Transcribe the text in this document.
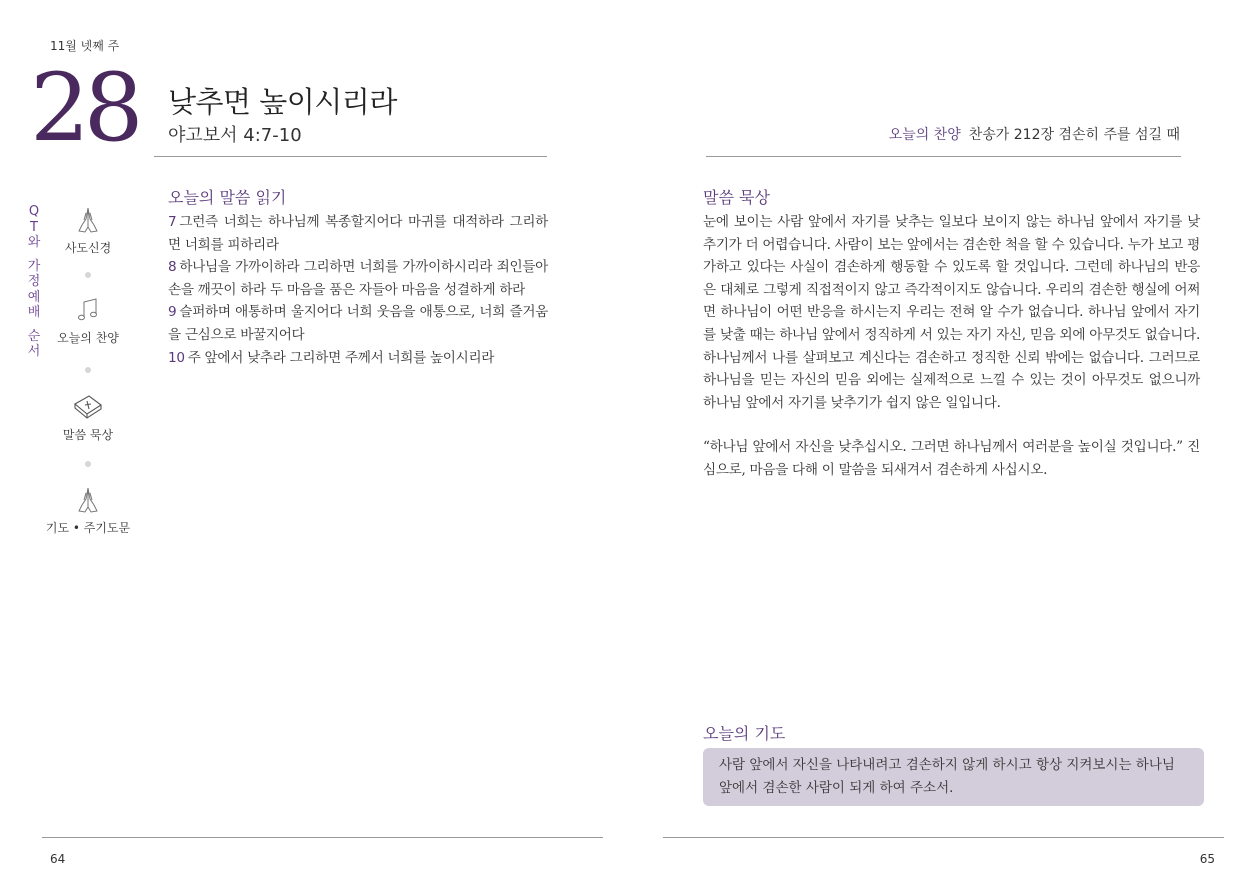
11월 넷째 주
28 낮추면 높이시리라
야고보서 4:7-10	오늘의 찬양 찬송가 212장 겸손히 주를 섬길 때
Q
T
와
가
정
예
배
순
서
사도신경
오늘의 찬양
말씀 묵상
기도 • 주기도문
오늘의 말씀 읽기
7 그런즉 너희는 하나님께 복종할지어다 마귀를 대적하라 그리하면 너희를 피하리라
8 하나님을 가까이하라 그리하면 너희를 가까이하시리라 죄인들아 손을 깨끗이 하라 두 마음을 품은 자들아 마음을 성결하게 하라
9 슬퍼하며 애통하며 울지어다 너희 웃음을 애통으로, 너희 즐거움을 근심으로 바꿀지어다
10 주 앞에서 낮추라 그리하면 주께서 너희를 높이시리라
말씀 묵상

눈에 보이는 사람 앞에서 자기를 낮추는 일보다 보이지 않는 하나님 앞에서 자기를 낮추기가 더 어렵습니다. 사람이 보는 앞에서는 겸손한 척을 할 수 있습니다. 누가 보고 평가하고 있다는 사실이 겸손하게 행동할 수 있도록 할 것입니다. 그런데 하나님의 반응은 대체로 그렇게 직접적이지 않고 즉각적이지도 않습니다. 우리의 겸손한 행실에 어쩌면 하나님이 어떤 반응을 하시는지 우리는 전혀 알 수가 없습니다. 하나님 앞에서 자기를 낮출 때는 하나님 앞에서 정직하게 서 있는 자기 자신, 믿음 외에 아무것도 없습니다. 하나님께서 나를 살펴보고 계신다는 겸손하고 정직한 신뢰 밖에는 없습니다. 그러므로 하나님을 믿는 자신의 믿음 외에는 실제적으로 느낄 수 있는 것이 아무것도 없으니까 하나님 앞에서 자기를 낮추기가 쉽지 않은 일입니다.

“하나님 앞에서 자신을 낮추십시오. 그러면 하나님께서 여러분을 높이실 것입니다.” 진심으로, 마음을 다해 이 말씀을 되새겨서 겸손하게 사십시오.

오늘의 기도
사람 앞에서 자신을 나타내려고 겸손하지 않게 하시고 항상 지켜보시는 하나님 앞에서 겸손한 사람이 되게 하여 주소서.
64	65
